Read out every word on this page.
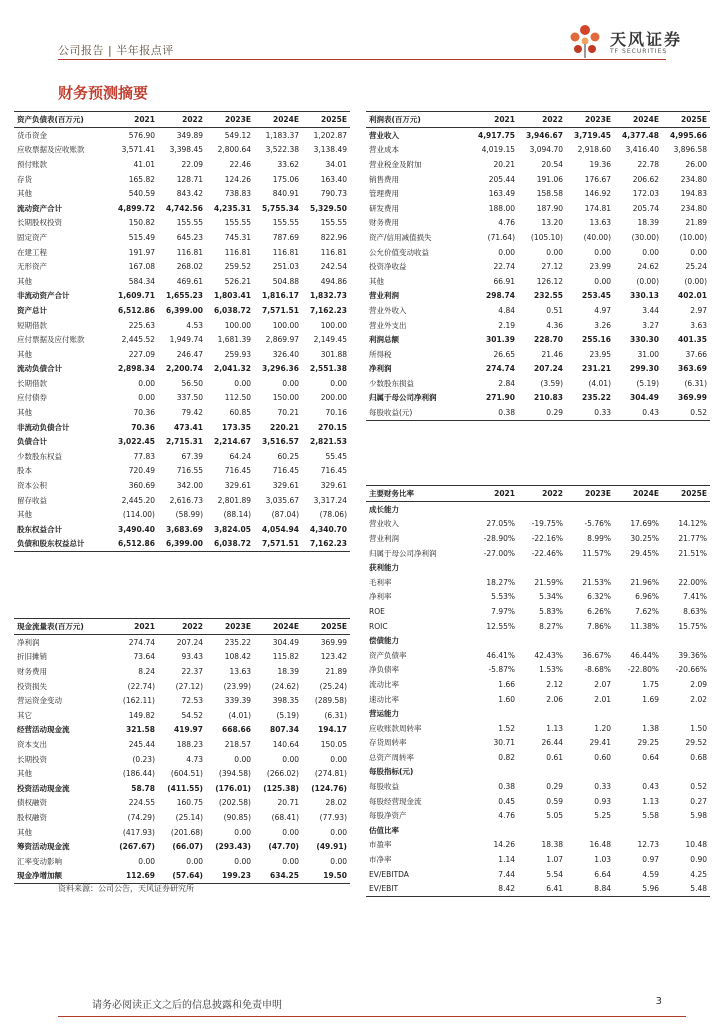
公司报告 | 半年报点评
天风证券
TF SECURITIES
财务预测摘要
资产负债表(百万元)	2021	2022	2023E	2024E	2025E
货币资金	576.90	349.89	549.12	1,183.37	1,202.87
应收票据及应收账款	3,571.41	3,398.45	2,800.64	3,522.38	3,138.49
预付账款	41.01	22.09	22.46	33.62	34.01
存货	165.82	128.71	124.26	175.06	163.40
其他	540.59	843.42	738.83	840.91	790.73
流动资产合计	4,899.72	4,742.56	4,235.31	5,755.34	5,329.50
长期股权投资	150.82	155.55	155.55	155.55	155.55
固定资产	515.49	645.23	745.31	787.69	822.96
在建工程	191.97	116.81	116.81	116.81	116.81
无形资产	167.08	268.02	259.52	251.03	242.54
其他	584.34	469.61	526.21	504.88	494.86
非流动资产合计	1,609.71	1,655.23	1,803.41	1,816.17	1,832.73
资产总计	6,512.86	6,399.00	6,038.72	7,571.51	7,162.23
短期借款	225.63	4.53	100.00	100.00	100.00
应付票据及应付账款	2,445.52	1,949.74	1,681.39	2,869.97	2,149.45
其他	227.09	246.47	259.93	326.40	301.88
流动负债合计	2,898.34	2,200.74	2,041.32	3,296.36	2,551.38
长期借款	0.00	56.50	0.00	0.00	0.00
应付债券	0.00	337.50	112.50	150.00	200.00
其他	70.36	79.42	60.85	70.21	70.16
非流动负债合计	70.36	473.41	173.35	220.21	270.15
负债合计	3,022.45	2,715.31	2,214.67	3,516.57	2,821.53
少数股东权益	77.83	67.39	64.24	60.25	55.45
股本	720.49	716.55	716.45	716.45	716.45
资本公积	360.69	342.00	329.61	329.61	329.61
留存收益	2,445.20	2,616.73	2,801.89	3,035.67	3,317.24
其他	(114.00)	(58.99)	(88.14)	(87.04)	(78.06)
股东权益合计	3,490.40	3,683.69	3,824.05	4,054.94	4,340.70
负债和股东权益总计	6,512.86	6,399.00	6,038.72	7,571.51	7,162.23
利润表(百万元)	2021	2022	2023E	2024E	2025E
营业收入	4,917.75	3,946.67	3,719.45	4,377.48	4,995.66
营业成本	4,019.15	3,094.70	2,918.60	3,416.40	3,896.58
营业税金及附加	20.21	20.54	19.36	22.78	26.00
销售费用	205.44	191.06	176.67	206.62	234.80
管理费用	163.49	158.58	146.92	172.03	194.83
研发费用	188.00	187.90	174.81	205.74	234.80
财务费用	4.76	13.20	13.63	18.39	21.89
资产/信用减值损失	(71.64)	(105.10)	(40.00)	(30.00)	(10.00)
公允价值变动收益	0.00	0.00	0.00	0.00	0.00
投资净收益	22.74	27.12	23.99	24.62	25.24
其他	66.91	126.12	0.00	(0.00)	(0.00)
营业利润	298.74	232.55	253.45	330.13	402.01
营业外收入	4.84	0.51	4.97	3.44	2.97
营业外支出	2.19	4.36	3.26	3.27	3.63
利润总额	301.39	228.70	255.16	330.30	401.35
所得税	26.65	21.46	23.95	31.00	37.66
净利润	274.74	207.24	231.21	299.30	363.69
少数股东损益	2.84	(3.59)	(4.01)	(5.19)	(6.31)
归属于母公司净利润	271.90	210.83	235.22	304.49	369.99
每股收益(元)	0.38	0.29	0.33	0.43	0.52
主要财务比率	2021	2022	2023E	2024E	2025E
成长能力					
营业收入	27.05%	-19.75%	-5.76%	17.69%	14.12%
营业利润	-28.90%	-22.16%	8.99%	30.25%	21.77%
归属于母公司净利润	-27.00%	-22.46%	11.57%	29.45%	21.51%
获利能力					
毛利率	18.27%	21.59%	21.53%	21.96%	22.00%
净利率	5.53%	5.34%	6.32%	6.96%	7.41%
ROE	7.97%	5.83%	6.26%	7.62%	8.63%
ROIC	12.55%	8.27%	7.86%	11.38%	15.75%
偿债能力					
资产负债率	46.41%	42.43%	36.67%	46.44%	39.36%
净负债率	-5.87%	1.53%	-8.68%	-22.80%	-20.66%
流动比率	1.66	2.12	2.07	1.75	2.09
速动比率	1.60	2.06	2.01	1.69	2.02
营运能力					
应收账款周转率	1.52	1.13	1.20	1.38	1.50
存货周转率	30.71	26.44	29.41	29.25	29.52
总资产周转率	0.82	0.61	0.60	0.64	0.68
每股指标(元)					
每股收益	0.38	0.29	0.33	0.43	0.52
每股经营现金流	0.45	0.59	0.93	1.13	0.27
每股净资产	4.76	5.05	5.25	5.58	5.98
估值比率					
市盈率	14.26	18.38	16.48	12.73	10.48
市净率	1.14	1.07	1.03	0.97	0.90
EV/EBITDA	7.44	5.54	6.64	4.59	4.25
EV/EBIT	8.42	6.41	8.84	5.96	5.48
现金流量表(百万元)	2021	2022	2023E	2024E	2025E
净利润	274.74	207.24	235.22	304.49	369.99
折旧摊销	73.64	93.43	108.42	115.82	123.42
财务费用	8.24	22.37	13.63	18.39	21.89
投资损失	(22.74)	(27.12)	(23.99)	(24.62)	(25.24)
营运资金变动	(162.11)	72.53	339.39	398.35	(289.58)
其它	149.82	54.52	(4.01)	(5.19)	(6.31)
经营活动现金流	321.58	419.97	668.66	807.34	194.17
资本支出	245.44	188.23	218.57	140.64	150.05
长期投资	(0.23)	4.73	0.00	0.00	0.00
其他	(186.44)	(604.51)	(394.58)	(266.02)	(274.81)
投资活动现金流	58.78	(411.55)	(176.01)	(125.38)	(124.76)
债权融资	224.55	160.75	(202.58)	20.71	28.02
股权融资	(74.29)	(25.14)	(90.85)	(68.41)	(77.93)
其他	(417.93)	(201.68)	0.00	0.00	0.00
筹资活动现金流	(267.67)	(66.07)	(293.43)	(47.70)	(49.91)
汇率变动影响	0.00	0.00	0.00	0.00	0.00
现金净增加额	112.69	(57.64)	199.23	634.25	19.50
资料来源：公司公告，天风证券研究所
请务必阅读正文之后的信息披露和免责申明	3
